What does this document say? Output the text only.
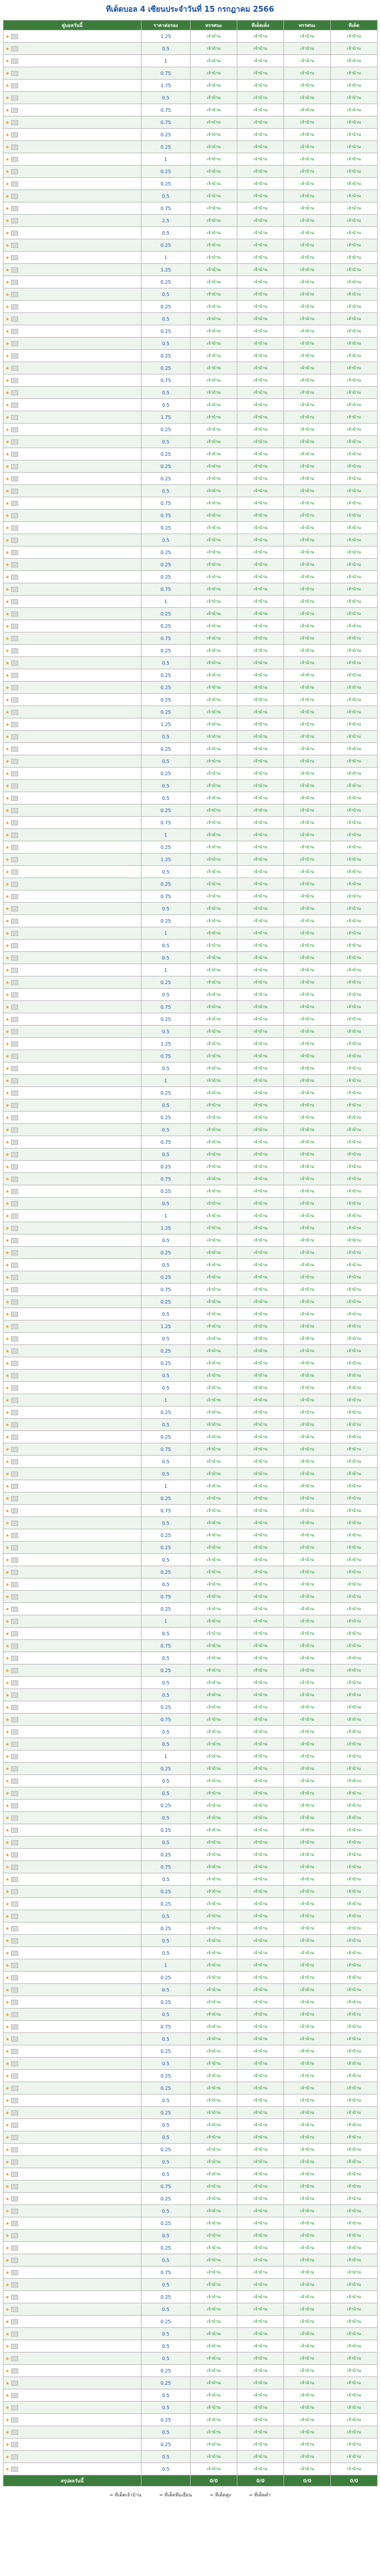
ทีเด็ดบอล 4 เซียนประจำวันที่ 15 กรกฎาคม 2566
คู่บอลวันนี้	ราคาต่อรอง	ทรรศนะ	ทีเด็ดเต็ง	ทรรศนะ	ทีเด็ด
★	1.25	เจ้าบ้าน	เจ้าบ้าน	เจ้าบ้าน	เจ้าบ้าน
★	0.5	เจ้าบ้าน	เจ้าบ้าน	เจ้าบ้าน	เจ้าบ้าน
★	1	เจ้าบ้าน	เจ้าบ้าน	เจ้าบ้าน	เจ้าบ้าน
★	0.75	เจ้าบ้าน	เจ้าบ้าน	เจ้าบ้าน	เจ้าบ้าน
★	1.75	เจ้าบ้าน	เจ้าบ้าน	เจ้าบ้าน	เจ้าบ้าน
★	0.5	เจ้าบ้าน	เจ้าบ้าน	เจ้าบ้าน	เจ้าบ้าน
★	0.75	เจ้าบ้าน	เจ้าบ้าน	เจ้าบ้าน	เจ้าบ้าน
★	0.75	เจ้าบ้าน	เจ้าบ้าน	เจ้าบ้าน	เจ้าบ้าน
★	0.25	เจ้าบ้าน	เจ้าบ้าน	เจ้าบ้าน	เจ้าบ้าน
★	0.25	เจ้าบ้าน	เจ้าบ้าน	เจ้าบ้าน	เจ้าบ้าน
★	1	เจ้าบ้าน	เจ้าบ้าน	เจ้าบ้าน	เจ้าบ้าน
★	0.25	เจ้าบ้าน	เจ้าบ้าน	เจ้าบ้าน	เจ้าบ้าน
★	0.25	เจ้าบ้าน	เจ้าบ้าน	เจ้าบ้าน	เจ้าบ้าน
★	0.5	เจ้าบ้าน	เจ้าบ้าน	เจ้าบ้าน	เจ้าบ้าน
★	0.75	เจ้าบ้าน	เจ้าบ้าน	เจ้าบ้าน	เจ้าบ้าน
★	2.5	เจ้าบ้าน	เจ้าบ้าน	เจ้าบ้าน	เจ้าบ้าน
★	0.5	เจ้าบ้าน	เจ้าบ้าน	เจ้าบ้าน	เจ้าบ้าน
★	0.25	เจ้าบ้าน	เจ้าบ้าน	เจ้าบ้าน	เจ้าบ้าน
★	1	เจ้าบ้าน	เจ้าบ้าน	เจ้าบ้าน	เจ้าบ้าน
★	1.25	เจ้าบ้าน	เจ้าบ้าน	เจ้าบ้าน	เจ้าบ้าน
★	0.25	เจ้าบ้าน	เจ้าบ้าน	เจ้าบ้าน	เจ้าบ้าน
★	0.5	เจ้าบ้าน	เจ้าบ้าน	เจ้าบ้าน	เจ้าบ้าน
★	0.25	เจ้าบ้าน	เจ้าบ้าน	เจ้าบ้าน	เจ้าบ้าน
★	0.5	เจ้าบ้าน	เจ้าบ้าน	เจ้าบ้าน	เจ้าบ้าน
★	0.25	เจ้าบ้าน	เจ้าบ้าน	เจ้าบ้าน	เจ้าบ้าน
★	0.5	เจ้าบ้าน	เจ้าบ้าน	เจ้าบ้าน	เจ้าบ้าน
★	0.25	เจ้าบ้าน	เจ้าบ้าน	เจ้าบ้าน	เจ้าบ้าน
★	0.25	เจ้าบ้าน	เจ้าบ้าน	เจ้าบ้าน	เจ้าบ้าน
★	0.75	เจ้าบ้าน	เจ้าบ้าน	เจ้าบ้าน	เจ้าบ้าน
★	0.5	เจ้าบ้าน	เจ้าบ้าน	เจ้าบ้าน	เจ้าบ้าน
★	0.5	เจ้าบ้าน	เจ้าบ้าน	เจ้าบ้าน	เจ้าบ้าน
★	1.75	เจ้าบ้าน	เจ้าบ้าน	เจ้าบ้าน	เจ้าบ้าน
★	0.25	เจ้าบ้าน	เจ้าบ้าน	เจ้าบ้าน	เจ้าบ้าน
★	0.5	เจ้าบ้าน	เจ้าบ้าน	เจ้าบ้าน	เจ้าบ้าน
★	0.25	เจ้าบ้าน	เจ้าบ้าน	เจ้าบ้าน	เจ้าบ้าน
★	0.25	เจ้าบ้าน	เจ้าบ้าน	เจ้าบ้าน	เจ้าบ้าน
★	0.25	เจ้าบ้าน	เจ้าบ้าน	เจ้าบ้าน	เจ้าบ้าน
★	0.5	เจ้าบ้าน	เจ้าบ้าน	เจ้าบ้าน	เจ้าบ้าน
★	0.75	เจ้าบ้าน	เจ้าบ้าน	เจ้าบ้าน	เจ้าบ้าน
★	0.75	เจ้าบ้าน	เจ้าบ้าน	เจ้าบ้าน	เจ้าบ้าน
★	0.25	เจ้าบ้าน	เจ้าบ้าน	เจ้าบ้าน	เจ้าบ้าน
★	0.5	เจ้าบ้าน	เจ้าบ้าน	เจ้าบ้าน	เจ้าบ้าน
★	0.25	เจ้าบ้าน	เจ้าบ้าน	เจ้าบ้าน	เจ้าบ้าน
★	0.25	เจ้าบ้าน	เจ้าบ้าน	เจ้าบ้าน	เจ้าบ้าน
★	0.25	เจ้าบ้าน	เจ้าบ้าน	เจ้าบ้าน	เจ้าบ้าน
★	0.75	เจ้าบ้าน	เจ้าบ้าน	เจ้าบ้าน	เจ้าบ้าน
★	1	เจ้าบ้าน	เจ้าบ้าน	เจ้าบ้าน	เจ้าบ้าน
★	0.25	เจ้าบ้าน	เจ้าบ้าน	เจ้าบ้าน	เจ้าบ้าน
★	0.25	เจ้าบ้าน	เจ้าบ้าน	เจ้าบ้าน	เจ้าบ้าน
★	0.75	เจ้าบ้าน	เจ้าบ้าน	เจ้าบ้าน	เจ้าบ้าน
★	0.25	เจ้าบ้าน	เจ้าบ้าน	เจ้าบ้าน	เจ้าบ้าน
★	0.5	เจ้าบ้าน	เจ้าบ้าน	เจ้าบ้าน	เจ้าบ้าน
★	0.25	เจ้าบ้าน	เจ้าบ้าน	เจ้าบ้าน	เจ้าบ้าน
★	0.25	เจ้าบ้าน	เจ้าบ้าน	เจ้าบ้าน	เจ้าบ้าน
★	0.25	เจ้าบ้าน	เจ้าบ้าน	เจ้าบ้าน	เจ้าบ้าน
★	0.25	เจ้าบ้าน	เจ้าบ้าน	เจ้าบ้าน	เจ้าบ้าน
★	1.25	เจ้าบ้าน	เจ้าบ้าน	เจ้าบ้าน	เจ้าบ้าน
★	0.5	เจ้าบ้าน	เจ้าบ้าน	เจ้าบ้าน	เจ้าบ้าน
★	0.25	เจ้าบ้าน	เจ้าบ้าน	เจ้าบ้าน	เจ้าบ้าน
★	0.5	เจ้าบ้าน	เจ้าบ้าน	เจ้าบ้าน	เจ้าบ้าน
★	0.25	เจ้าบ้าน	เจ้าบ้าน	เจ้าบ้าน	เจ้าบ้าน
★	0.5	เจ้าบ้าน	เจ้าบ้าน	เจ้าบ้าน	เจ้าบ้าน
★	0.5	เจ้าบ้าน	เจ้าบ้าน	เจ้าบ้าน	เจ้าบ้าน
★	0.25	เจ้าบ้าน	เจ้าบ้าน	เจ้าบ้าน	เจ้าบ้าน
★	0.75	เจ้าบ้าน	เจ้าบ้าน	เจ้าบ้าน	เจ้าบ้าน
★	1	เจ้าบ้าน	เจ้าบ้าน	เจ้าบ้าน	เจ้าบ้าน
★	0.25	เจ้าบ้าน	เจ้าบ้าน	เจ้าบ้าน	เจ้าบ้าน
★	1.25	เจ้าบ้าน	เจ้าบ้าน	เจ้าบ้าน	เจ้าบ้าน
★	0.5	เจ้าบ้าน	เจ้าบ้าน	เจ้าบ้าน	เจ้าบ้าน
★	0.25	เจ้าบ้าน	เจ้าบ้าน	เจ้าบ้าน	เจ้าบ้าน
★	0.75	เจ้าบ้าน	เจ้าบ้าน	เจ้าบ้าน	เจ้าบ้าน
★	0.5	เจ้าบ้าน	เจ้าบ้าน	เจ้าบ้าน	เจ้าบ้าน
★	0.25	เจ้าบ้าน	เจ้าบ้าน	เจ้าบ้าน	เจ้าบ้าน
★	1	เจ้าบ้าน	เจ้าบ้าน	เจ้าบ้าน	เจ้าบ้าน
★	0.5	เจ้าบ้าน	เจ้าบ้าน	เจ้าบ้าน	เจ้าบ้าน
★	0.5	เจ้าบ้าน	เจ้าบ้าน	เจ้าบ้าน	เจ้าบ้าน
★	1	เจ้าบ้าน	เจ้าบ้าน	เจ้าบ้าน	เจ้าบ้าน
★	0.25	เจ้าบ้าน	เจ้าบ้าน	เจ้าบ้าน	เจ้าบ้าน
★	0.5	เจ้าบ้าน	เจ้าบ้าน	เจ้าบ้าน	เจ้าบ้าน
★	0.75	เจ้าบ้าน	เจ้าบ้าน	เจ้าบ้าน	เจ้าบ้าน
★	0.25	เจ้าบ้าน	เจ้าบ้าน	เจ้าบ้าน	เจ้าบ้าน
★	0.5	เจ้าบ้าน	เจ้าบ้าน	เจ้าบ้าน	เจ้าบ้าน
★	1.25	เจ้าบ้าน	เจ้าบ้าน	เจ้าบ้าน	เจ้าบ้าน
★	0.75	เจ้าบ้าน	เจ้าบ้าน	เจ้าบ้าน	เจ้าบ้าน
★	0.5	เจ้าบ้าน	เจ้าบ้าน	เจ้าบ้าน	เจ้าบ้าน
★	1	เจ้าบ้าน	เจ้าบ้าน	เจ้าบ้าน	เจ้าบ้าน
★	0.25	เจ้าบ้าน	เจ้าบ้าน	เจ้าบ้าน	เจ้าบ้าน
★	0.5	เจ้าบ้าน	เจ้าบ้าน	เจ้าบ้าน	เจ้าบ้าน
★	0.25	เจ้าบ้าน	เจ้าบ้าน	เจ้าบ้าน	เจ้าบ้าน
★	0.5	เจ้าบ้าน	เจ้าบ้าน	เจ้าบ้าน	เจ้าบ้าน
★	0.75	เจ้าบ้าน	เจ้าบ้าน	เจ้าบ้าน	เจ้าบ้าน
★	0.5	เจ้าบ้าน	เจ้าบ้าน	เจ้าบ้าน	เจ้าบ้าน
★	0.25	เจ้าบ้าน	เจ้าบ้าน	เจ้าบ้าน	เจ้าบ้าน
★	0.75	เจ้าบ้าน	เจ้าบ้าน	เจ้าบ้าน	เจ้าบ้าน
★	0.25	เจ้าบ้าน	เจ้าบ้าน	เจ้าบ้าน	เจ้าบ้าน
★	0.5	เจ้าบ้าน	เจ้าบ้าน	เจ้าบ้าน	เจ้าบ้าน
★	1	เจ้าบ้าน	เจ้าบ้าน	เจ้าบ้าน	เจ้าบ้าน
★	1.25	เจ้าบ้าน	เจ้าบ้าน	เจ้าบ้าน	เจ้าบ้าน
★	0.5	เจ้าบ้าน	เจ้าบ้าน	เจ้าบ้าน	เจ้าบ้าน
★	0.25	เจ้าบ้าน	เจ้าบ้าน	เจ้าบ้าน	เจ้าบ้าน
★	0.5	เจ้าบ้าน	เจ้าบ้าน	เจ้าบ้าน	เจ้าบ้าน
★	0.25	เจ้าบ้าน	เจ้าบ้าน	เจ้าบ้าน	เจ้าบ้าน
★	0.75	เจ้าบ้าน	เจ้าบ้าน	เจ้าบ้าน	เจ้าบ้าน
★	0.25	เจ้าบ้าน	เจ้าบ้าน	เจ้าบ้าน	เจ้าบ้าน
★	0.5	เจ้าบ้าน	เจ้าบ้าน	เจ้าบ้าน	เจ้าบ้าน
★	1.25	เจ้าบ้าน	เจ้าบ้าน	เจ้าบ้าน	เจ้าบ้าน
★	0.5	เจ้าบ้าน	เจ้าบ้าน	เจ้าบ้าน	เจ้าบ้าน
★	0.25	เจ้าบ้าน	เจ้าบ้าน	เจ้าบ้าน	เจ้าบ้าน
★	0.25	เจ้าบ้าน	เจ้าบ้าน	เจ้าบ้าน	เจ้าบ้าน
★	0.5	เจ้าบ้าน	เจ้าบ้าน	เจ้าบ้าน	เจ้าบ้าน
★	0.5	เจ้าบ้าน	เจ้าบ้าน	เจ้าบ้าน	เจ้าบ้าน
★	1	เจ้าบ้าน	เจ้าบ้าน	เจ้าบ้าน	เจ้าบ้าน
★	0.25	เจ้าบ้าน	เจ้าบ้าน	เจ้าบ้าน	เจ้าบ้าน
★	0.5	เจ้าบ้าน	เจ้าบ้าน	เจ้าบ้าน	เจ้าบ้าน
★	0.25	เจ้าบ้าน	เจ้าบ้าน	เจ้าบ้าน	เจ้าบ้าน
★	0.75	เจ้าบ้าน	เจ้าบ้าน	เจ้าบ้าน	เจ้าบ้าน
★	0.5	เจ้าบ้าน	เจ้าบ้าน	เจ้าบ้าน	เจ้าบ้าน
★	0.5	เจ้าบ้าน	เจ้าบ้าน	เจ้าบ้าน	เจ้าบ้าน
★	1	เจ้าบ้าน	เจ้าบ้าน	เจ้าบ้าน	เจ้าบ้าน
★	0.25	เจ้าบ้าน	เจ้าบ้าน	เจ้าบ้าน	เจ้าบ้าน
★	0.75	เจ้าบ้าน	เจ้าบ้าน	เจ้าบ้าน	เจ้าบ้าน
★	0.5	เจ้าบ้าน	เจ้าบ้าน	เจ้าบ้าน	เจ้าบ้าน
★	0.25	เจ้าบ้าน	เจ้าบ้าน	เจ้าบ้าน	เจ้าบ้าน
★	0.25	เจ้าบ้าน	เจ้าบ้าน	เจ้าบ้าน	เจ้าบ้าน
★	0.5	เจ้าบ้าน	เจ้าบ้าน	เจ้าบ้าน	เจ้าบ้าน
★	0.25	เจ้าบ้าน	เจ้าบ้าน	เจ้าบ้าน	เจ้าบ้าน
★	0.5	เจ้าบ้าน	เจ้าบ้าน	เจ้าบ้าน	เจ้าบ้าน
★	0.75	เจ้าบ้าน	เจ้าบ้าน	เจ้าบ้าน	เจ้าบ้าน
★	0.25	เจ้าบ้าน	เจ้าบ้าน	เจ้าบ้าน	เจ้าบ้าน
★	1	เจ้าบ้าน	เจ้าบ้าน	เจ้าบ้าน	เจ้าบ้าน
★	0.5	เจ้าบ้าน	เจ้าบ้าน	เจ้าบ้าน	เจ้าบ้าน
★	0.75	เจ้าบ้าน	เจ้าบ้าน	เจ้าบ้าน	เจ้าบ้าน
★	0.5	เจ้าบ้าน	เจ้าบ้าน	เจ้าบ้าน	เจ้าบ้าน
★	0.25	เจ้าบ้าน	เจ้าบ้าน	เจ้าบ้าน	เจ้าบ้าน
★	0.5	เจ้าบ้าน	เจ้าบ้าน	เจ้าบ้าน	เจ้าบ้าน
★	0.5	เจ้าบ้าน	เจ้าบ้าน	เจ้าบ้าน	เจ้าบ้าน
★	0.25	เจ้าบ้าน	เจ้าบ้าน	เจ้าบ้าน	เจ้าบ้าน
★	0.75	เจ้าบ้าน	เจ้าบ้าน	เจ้าบ้าน	เจ้าบ้าน
★	0.5	เจ้าบ้าน	เจ้าบ้าน	เจ้าบ้าน	เจ้าบ้าน
★	0.5	เจ้าบ้าน	เจ้าบ้าน	เจ้าบ้าน	เจ้าบ้าน
★	1	เจ้าบ้าน	เจ้าบ้าน	เจ้าบ้าน	เจ้าบ้าน
★	0.25	เจ้าบ้าน	เจ้าบ้าน	เจ้าบ้าน	เจ้าบ้าน
★	0.5	เจ้าบ้าน	เจ้าบ้าน	เจ้าบ้าน	เจ้าบ้าน
★	0.5	เจ้าบ้าน	เจ้าบ้าน	เจ้าบ้าน	เจ้าบ้าน
★	0.25	เจ้าบ้าน	เจ้าบ้าน	เจ้าบ้าน	เจ้าบ้าน
★	0.5	เจ้าบ้าน	เจ้าบ้าน	เจ้าบ้าน	เจ้าบ้าน
★	0.25	เจ้าบ้าน	เจ้าบ้าน	เจ้าบ้าน	เจ้าบ้าน
★	0.5	เจ้าบ้าน	เจ้าบ้าน	เจ้าบ้าน	เจ้าบ้าน
★	0.25	เจ้าบ้าน	เจ้าบ้าน	เจ้าบ้าน	เจ้าบ้าน
★	0.75	เจ้าบ้าน	เจ้าบ้าน	เจ้าบ้าน	เจ้าบ้าน
★	0.5	เจ้าบ้าน	เจ้าบ้าน	เจ้าบ้าน	เจ้าบ้าน
★	0.25	เจ้าบ้าน	เจ้าบ้าน	เจ้าบ้าน	เจ้าบ้าน
★	0.25	เจ้าบ้าน	เจ้าบ้าน	เจ้าบ้าน	เจ้าบ้าน
★	0.5	เจ้าบ้าน	เจ้าบ้าน	เจ้าบ้าน	เจ้าบ้าน
★	0.25	เจ้าบ้าน	เจ้าบ้าน	เจ้าบ้าน	เจ้าบ้าน
★	0.5	เจ้าบ้าน	เจ้าบ้าน	เจ้าบ้าน	เจ้าบ้าน
★	0.5	เจ้าบ้าน	เจ้าบ้าน	เจ้าบ้าน	เจ้าบ้าน
★	1	เจ้าบ้าน	เจ้าบ้าน	เจ้าบ้าน	เจ้าบ้าน
★	0.25	เจ้าบ้าน	เจ้าบ้าน	เจ้าบ้าน	เจ้าบ้าน
★	0.5	เจ้าบ้าน	เจ้าบ้าน	เจ้าบ้าน	เจ้าบ้าน
★	0.25	เจ้าบ้าน	เจ้าบ้าน	เจ้าบ้าน	เจ้าบ้าน
★	0.5	เจ้าบ้าน	เจ้าบ้าน	เจ้าบ้าน	เจ้าบ้าน
★	0.75	เจ้าบ้าน	เจ้าบ้าน	เจ้าบ้าน	เจ้าบ้าน
★	0.5	เจ้าบ้าน	เจ้าบ้าน	เจ้าบ้าน	เจ้าบ้าน
★	0.25	เจ้าบ้าน	เจ้าบ้าน	เจ้าบ้าน	เจ้าบ้าน
★	0.5	เจ้าบ้าน	เจ้าบ้าน	เจ้าบ้าน	เจ้าบ้าน
★	0.25	เจ้าบ้าน	เจ้าบ้าน	เจ้าบ้าน	เจ้าบ้าน
★	0.25	เจ้าบ้าน	เจ้าบ้าน	เจ้าบ้าน	เจ้าบ้าน
★	0.5	เจ้าบ้าน	เจ้าบ้าน	เจ้าบ้าน	เจ้าบ้าน
★	0.25	เจ้าบ้าน	เจ้าบ้าน	เจ้าบ้าน	เจ้าบ้าน
★	0.5	เจ้าบ้าน	เจ้าบ้าน	เจ้าบ้าน	เจ้าบ้าน
★	0.5	เจ้าบ้าน	เจ้าบ้าน	เจ้าบ้าน	เจ้าบ้าน
★	0.25	เจ้าบ้าน	เจ้าบ้าน	เจ้าบ้าน	เจ้าบ้าน
★	0.5	เจ้าบ้าน	เจ้าบ้าน	เจ้าบ้าน	เจ้าบ้าน
★	0.5	เจ้าบ้าน	เจ้าบ้าน	เจ้าบ้าน	เจ้าบ้าน
★	0.75	เจ้าบ้าน	เจ้าบ้าน	เจ้าบ้าน	เจ้าบ้าน
★	0.25	เจ้าบ้าน	เจ้าบ้าน	เจ้าบ้าน	เจ้าบ้าน
★	0.5	เจ้าบ้าน	เจ้าบ้าน	เจ้าบ้าน	เจ้าบ้าน
★	0.25	เจ้าบ้าน	เจ้าบ้าน	เจ้าบ้าน	เจ้าบ้าน
★	0.5	เจ้าบ้าน	เจ้าบ้าน	เจ้าบ้าน	เจ้าบ้าน
★	0.25	เจ้าบ้าน	เจ้าบ้าน	เจ้าบ้าน	เจ้าบ้าน
★	0.5	เจ้าบ้าน	เจ้าบ้าน	เจ้าบ้าน	เจ้าบ้าน
★	0.75	เจ้าบ้าน	เจ้าบ้าน	เจ้าบ้าน	เจ้าบ้าน
★	0.5	เจ้าบ้าน	เจ้าบ้าน	เจ้าบ้าน	เจ้าบ้าน
★	0.25	เจ้าบ้าน	เจ้าบ้าน	เจ้าบ้าน	เจ้าบ้าน
★	0.5	เจ้าบ้าน	เจ้าบ้าน	เจ้าบ้าน	เจ้าบ้าน
★	0.25	เจ้าบ้าน	เจ้าบ้าน	เจ้าบ้าน	เจ้าบ้าน
★	0.5	เจ้าบ้าน	เจ้าบ้าน	เจ้าบ้าน	เจ้าบ้าน
★	0.5	เจ้าบ้าน	เจ้าบ้าน	เจ้าบ้าน	เจ้าบ้าน
★	0.5	เจ้าบ้าน	เจ้าบ้าน	เจ้าบ้าน	เจ้าบ้าน
★	0.25	เจ้าบ้าน	เจ้าบ้าน	เจ้าบ้าน	เจ้าบ้าน
★	0.25	เจ้าบ้าน	เจ้าบ้าน	เจ้าบ้าน	เจ้าบ้าน
★	0.5	เจ้าบ้าน	เจ้าบ้าน	เจ้าบ้าน	เจ้าบ้าน
★	0.5	เจ้าบ้าน	เจ้าบ้าน	เจ้าบ้าน	เจ้าบ้าน
★	0.25	เจ้าบ้าน	เจ้าบ้าน	เจ้าบ้าน	เจ้าบ้าน
★	0.5	เจ้าบ้าน	เจ้าบ้าน	เจ้าบ้าน	เจ้าบ้าน
★	0.25	เจ้าบ้าน	เจ้าบ้าน	เจ้าบ้าน	เจ้าบ้าน
★	0.5	เจ้าบ้าน	เจ้าบ้าน	เจ้าบ้าน	เจ้าบ้าน
★	0.5	เจ้าบ้าน	เจ้าบ้าน	เจ้าบ้าน	เจ้าบ้าน
สรุปผลวันนี้		0/0	0/0	0/0	0/0
= ทีเด็ดเจ้าบ้าน	= ทีเด็ดทีมเยือน	= ทีเด็ดสูง	= ทีเด็ดต่ำ
